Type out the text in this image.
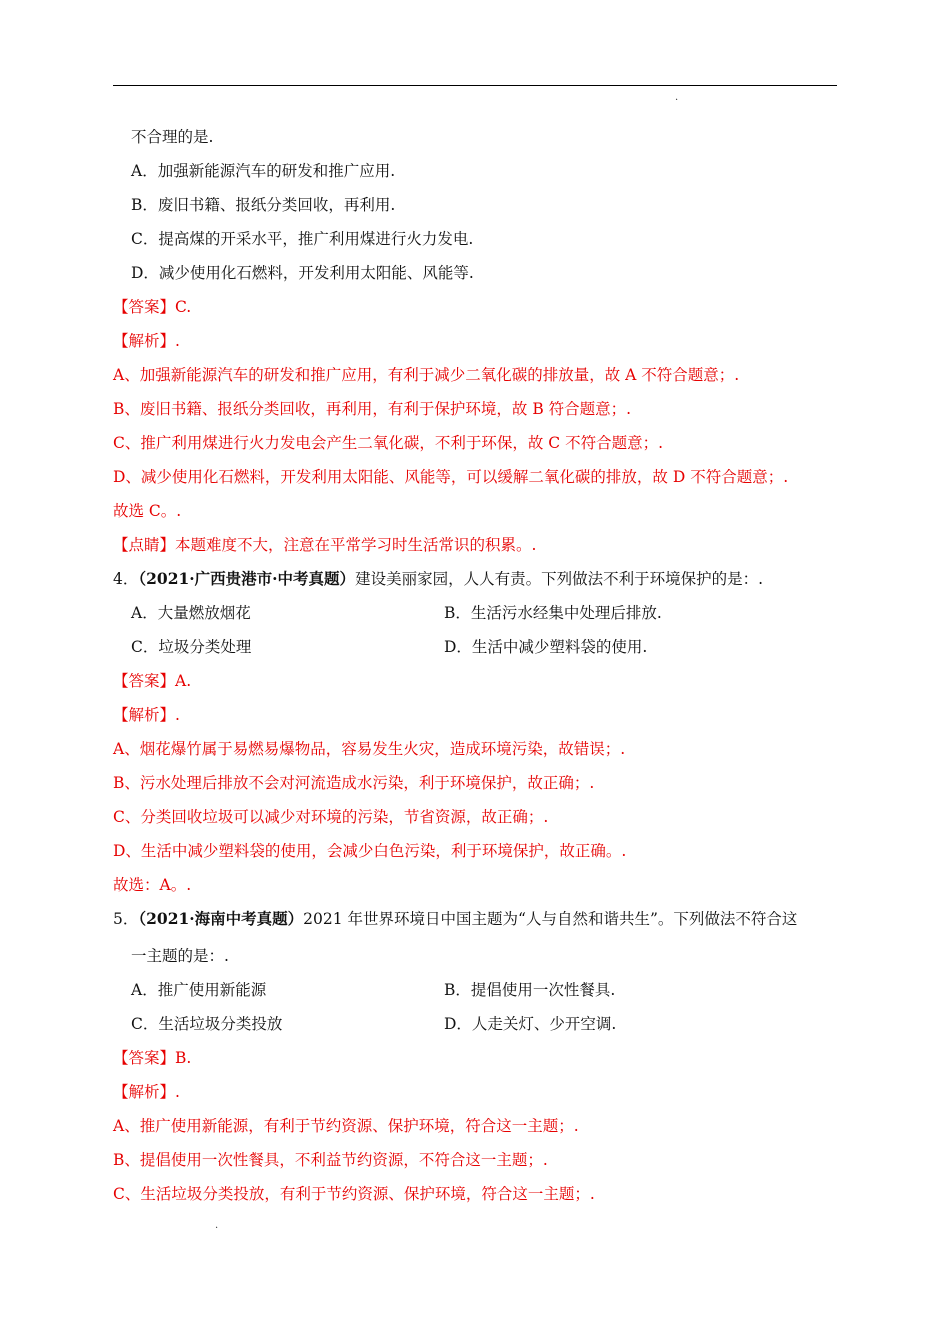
.
不合理的是.
A．加强新能源汽车的研发和推广应用.
B．废旧书籍、报纸分类回收，再利用.
C．提高煤的开采水平，推广利用煤进行火力发电.
D．减少使用化石燃料，开发利用太阳能、风能等.
【答案】C.
【解析】.
A、加强新能源汽车的研发和推广应用，有利于减少二氧化碳的排放量，故 A 不符合题意；.
B、废旧书籍、报纸分类回收，再利用，有利于保护环境，故 B 符合题意；.
C、推广利用煤进行火力发电会产生二氧化碳，不利于环保，故 C 不符合题意；.
D、减少使用化石燃料，开发利用太阳能、风能等，可以缓解二氧化碳的排放，故 D 不符合题意；.
故选 C。.
【点睛】本题难度不大，注意在平常学习时生活常识的积累。.
4．（2021·广西贵港市·中考真题）建设美丽家园，人人有责。下列做法不利于环境保护的是：.
A．大量燃放烟花	B．生活污水经集中处理后排放.
C．垃圾分类处理	D．生活中减少塑料袋的使用.
【答案】A.
【解析】.
A、烟花爆竹属于易燃易爆物品，容易发生火灾，造成环境污染，故错误；.
B、污水处理后排放不会对河流造成水污染，利于环境保护，故正确；.
C、分类回收垃圾可以减少对环境的污染，节省资源，故正确；.
D、生活中减少塑料袋的使用，会减少白色污染，利于环境保护，故正确。.
故选：A。.
5．（2021·海南中考真题）2021 年世界环境日中国主题为“人与自然和谐共生”。下列做法不符合这
一主题的是：.
A．推广使用新能源	B．提倡使用一次性餐具.
C．生活垃圾分类投放	D．人走关灯、少开空调.
【答案】B.
【解析】.
A、推广使用新能源，有利于节约资源、保护环境，符合这一主题；.
B、提倡使用一次性餐具，不利益节约资源，不符合这一主题；.
C、生活垃圾分类投放，有利于节约资源、保护环境，符合这一主题；.
.
